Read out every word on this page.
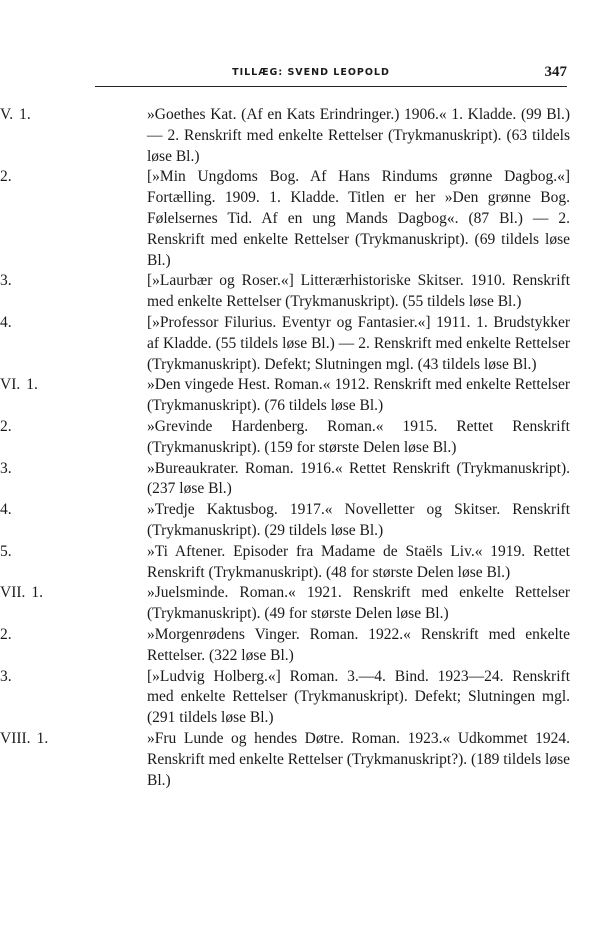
TILLÆG: SVEND LEOPOLD	347

V. 1.	»Goethes Kat. (Af en Kats Erindringer.) 1906.« 1. Kladde. (99 Bl.) — 2. Renskrift med enkelte Rettelser (Trykmanuskript). (63 tildels løse Bl.)

2.	[»Min Ungdoms Bog. Af Hans Rindums grønne Dagbog.«] Fortælling. 1909. 1. Kladde. Titlen er her »Den grønne Bog. Følelsernes Tid. Af en ung Mands Dagbog«. (87 Bl.) — 2. Renskrift med enkelte Rettelser (Trykmanuskript). (69 tildels løse Bl.)

3.	[»Laurbær og Roser.«] Litterærhistoriske Skitser. 1910. Renskrift med enkelte Rettelser (Trykmanuskript). (55 tildels løse Bl.)

4.	[»Professor Filurius. Eventyr og Fantasier.«] 1911. 1. Brudstykker af Kladde. (55 tildels løse Bl.) — 2. Renskrift med enkelte Rettelser (Trykmanuskript). Defekt; Slutningen mgl. (43 tildels løse Bl.)

VI. 1.	»Den vingede Hest. Roman.« 1912. Renskrift med enkelte Rettelser (Trykmanuskript). (76 tildels løse Bl.)

2.	»Grevinde Hardenberg. Roman.« 1915. Rettet Renskrift (Trykmanuskript). (159 for største Delen løse Bl.)

3.	»Bureaukrater. Roman. 1916.« Rettet Renskrift (Trykmanuskript). (237 løse Bl.)

4.	»Tredje Kaktusbog. 1917.« Novelletter og Skitser. Renskrift (Trykmanuskript). (29 tildels løse Bl.)

5.	»Ti Aftener. Episoder fra Madame de Staëls Liv.« 1919. Rettet Renskrift (Trykmanuskript). (48 for største Delen løse Bl.)

VII. 1.	»Juelsminde. Roman.« 1921. Renskrift med enkelte Rettelser (Trykmanuskript). (49 for største Delen løse Bl.)

2.	»Morgenrødens Vinger. Roman. 1922.« Renskrift med enkelte Rettelser. (322 løse Bl.)

3.	[»Ludvig Holberg.«] Roman. 3.—4. Bind. 1923—24. Renskrift med enkelte Rettelser (Trykmanuskript). Defekt; Slutningen mgl. (291 tildels løse Bl.)

VIII. 1.	»Fru Lunde og hendes Døtre. Roman. 1923.« Udkommet 1924. Renskrift med enkelte Rettelser (Trykmanuskript?). (189 tildels løse Bl.)
